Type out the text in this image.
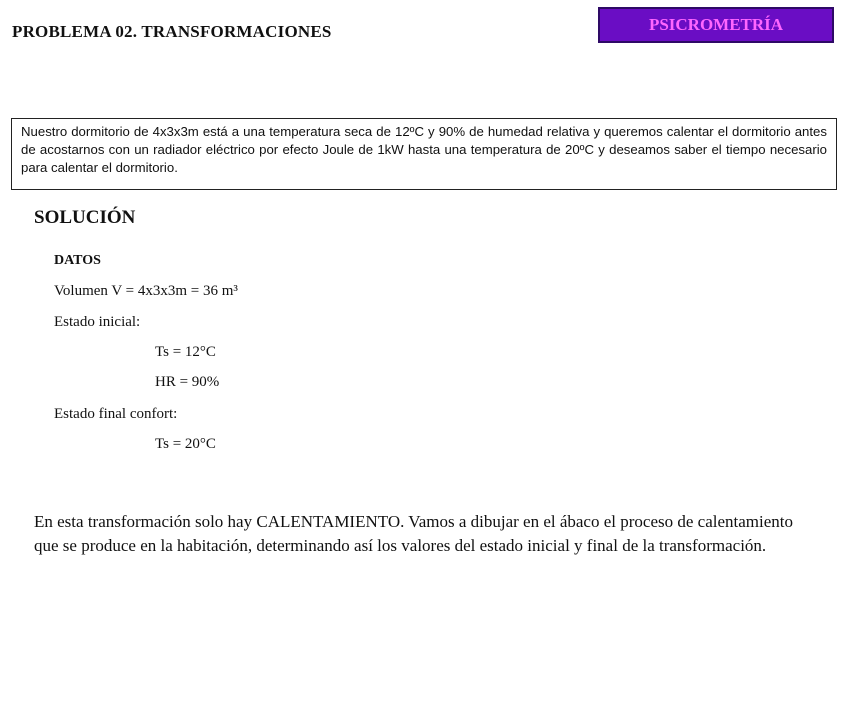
PROBLEMA 02. TRANSFORMACIONES	PSICROMETRÍA
Nuestro dormitorio de 4x3x3m está a una temperatura seca de 12ºC y 90% de humedad relativa y queremos calentar el dormitorio antes de acostarnos con un radiador eléctrico por efecto Joule de 1kW hasta una temperatura de 20ºC y deseamos saber el tiempo necesario para calentar el dormitorio.
SOLUCIÓN
DATOS
Volumen V = 4x3x3m = 36 m³
Estado inicial:
Ts = 12°C
HR = 90%
Estado final confort:
Ts = 20°C
En esta transformación solo hay CALENTAMIENTO. Vamos a dibujar en el ábaco el proceso de calentamiento que se produce en la habitación, determinando así los valores del estado inicial y final de la transformación.
